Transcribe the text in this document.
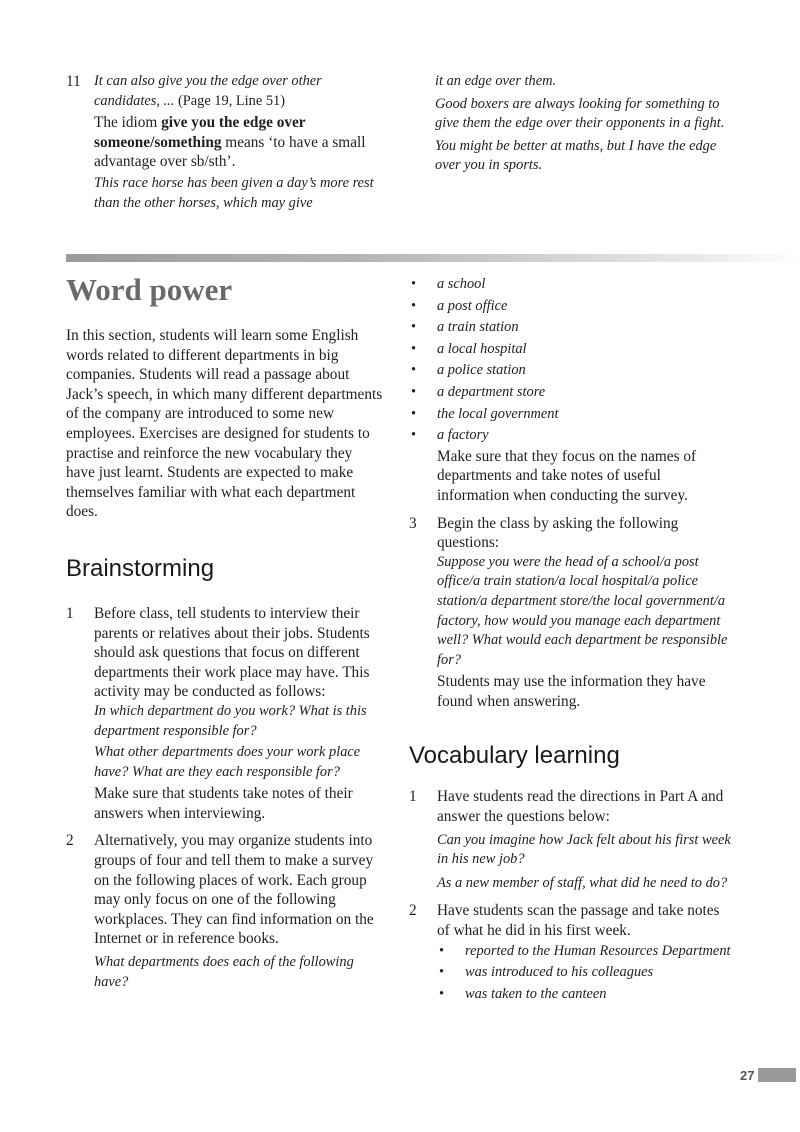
11 It can also give you the edge over other
candidates, ... (Page 19, Line 51)
The idiom give you the edge over someone/something means ‘to have a small advantage over sb/sth’.
This race horse has been given a day’s more rest than the other horses, which may give
it an edge over them.
Good boxers are always looking for something to give them the edge over their opponents in a fight.
You might be better at maths, but I have the edge over you in sports.
Word power
In this section, students will learn some English words related to different departments in big companies. Students will read a passage about Jack’s speech, in which many different departments of the company are introduced to some new employees. Exercises are designed for students to practise and reinforce the new vocabulary they have just learnt. Students are expected to make themselves familiar with what each department does.
Brainstorming
1 Before class, tell students to interview their parents or relatives about their jobs. Students should ask questions that focus on different departments their work place may have. This activity may be conducted as follows:
In which department do you work? What is this department responsible for?
What other departments does your work place have? What are they each responsible for?
Make sure that students take notes of their answers when interviewing.
2 Alternatively, you may organize students into groups of four and tell them to make a survey on the following places of work. Each group may only focus on one of the following workplaces. They can find information on the Internet or in reference books.
What departments does each of the following have?
• a school
• a post office
• a train station
• a local hospital
• a police station
• a department store
• the local government
• a factory
Make sure that they focus on the names of departments and take notes of useful information when conducting the survey.
3 Begin the class by asking the following questions:
Suppose you were the head of a school/a post office/a train station/a local hospital/a police station/a department store/the local government/a factory, how would you manage each department well? What would each department be responsible for?
Students may use the information they have found when answering.
Vocabulary learning
1 Have students read the directions in Part A and answer the questions below:
Can you imagine how Jack felt about his first week in his new job?
As a new member of staff, what did he need to do?
2 Have students scan the passage and take notes of what he did in his first week.
• reported to the Human Resources Department
• was introduced to his colleagues
• was taken to the canteen
27
